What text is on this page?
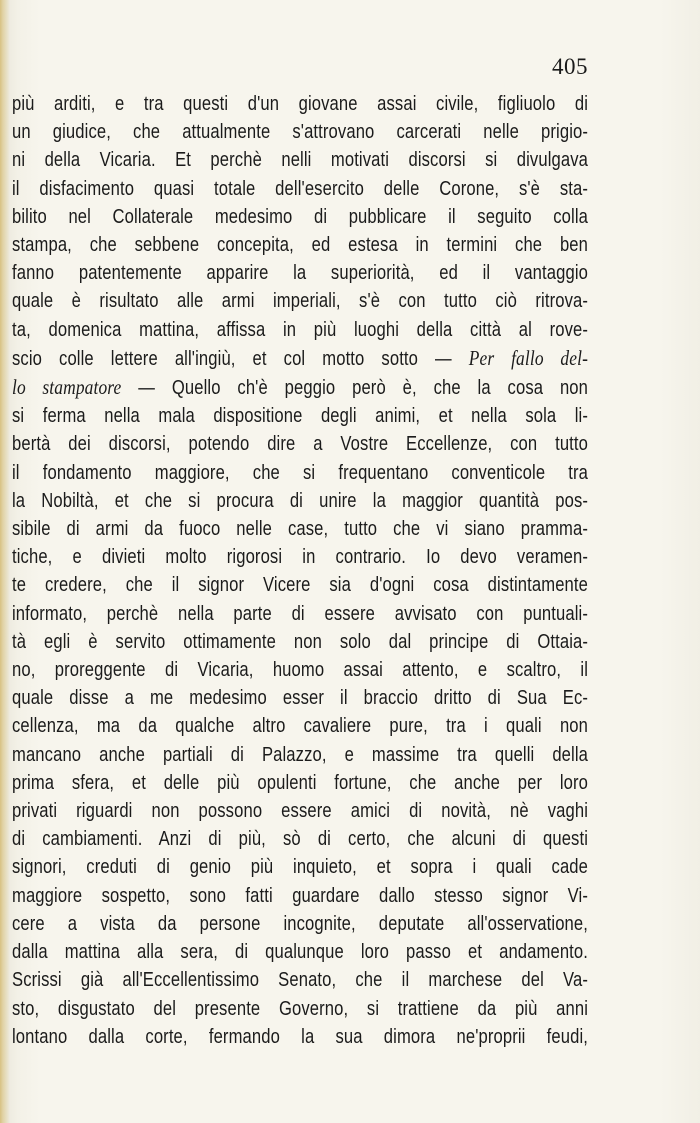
405
più arditi, e tra questi d'un giovane assai civile, figliuolo di
un giudice, che attualmente s'attrovano carcerati nelle prigio-
ni della Vicaria. Et perchè nelli motivati discorsi si divulgava
il disfacimento quasi totale dell'esercito delle Corone, s'è sta-
bilito nel Collaterale medesimo di pubblicare il seguito colla
stampa, che sebbene concepita, ed estesa in termini che ben
fanno patentemente apparire la superiorità, ed il vantaggio
quale è risultato alle armi imperiali, s'è con tutto ciò ritrova-
ta, domenica mattina, affissa in più luoghi della città al rove-
scio colle lettere all'ingiù, et col motto sotto — Per fallo del-
lo stampatore — Quello ch'è peggio però è, che la cosa non
si ferma nella mala dispositione degli animi, et nella sola li-
bertà dei discorsi, potendo dire a Vostre Eccellenze, con tutto
il fondamento maggiore, che si frequentano conventicole tra
la Nobiltà, et che si procura di unire la maggior quantità pos-
sibile di armi da fuoco nelle case, tutto che vi siano pramma-
tiche, e divieti molto rigorosi in contrario. Io devo veramen-
te credere, che il signor Vicere sia d'ogni cosa distintamente
informato, perchè nella parte di essere avvisato con puntuali-
tà egli è servito ottimamente non solo dal principe di Ottaia-
no, proreggente di Vicaria, huomo assai attento, e scaltro, il
quale disse a me medesimo esser il braccio dritto di Sua Ec-
cellenza, ma da qualche altro cavaliere pure, tra i quali non
mancano anche partiali di Palazzo, e massime tra quelli della
prima sfera, et delle più opulenti fortune, che anche per loro
privati riguardi non possono essere amici di novità, nè vaghi
di cambiamenti. Anzi di più, sò di certo, che alcuni di questi
signori, creduti di genio più inquieto, et sopra i quali cade
maggiore sospetto, sono fatti guardare dallo stesso signor Vi-
cere a vista da persone incognite, deputate all'osservatione,
dalla mattina alla sera, di qualunque loro passo et andamento.
Scrissi già all'Eccellentissimo Senato, che il marchese del Va-
sto, disgustato del presente Governo, si trattiene da più anni
lontano dalla corte, fermando la sua dimora ne'proprii feudi,
